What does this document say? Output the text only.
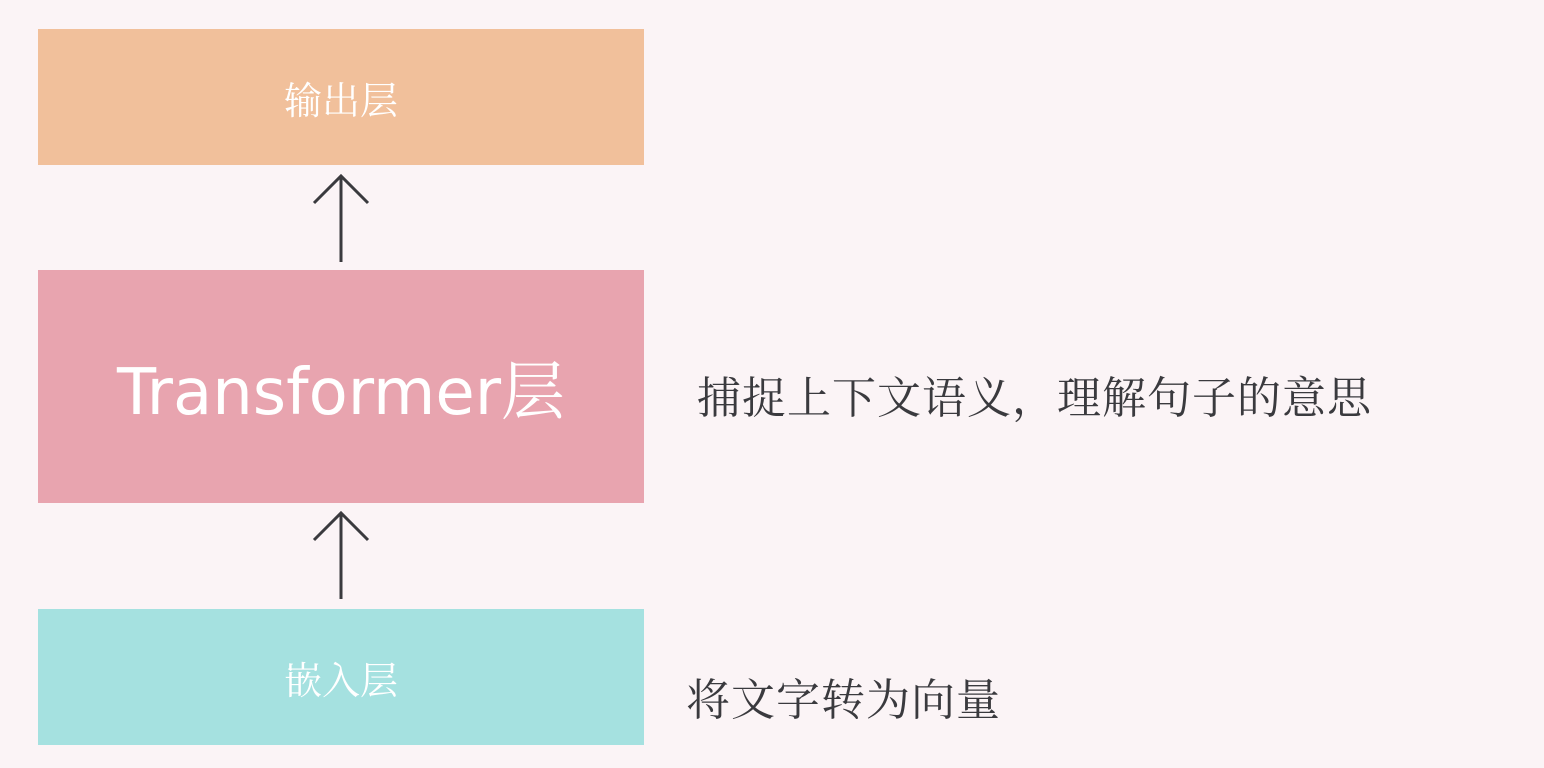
输出层
Transformer层
嵌入层
捕捉上下文语义，理解句子的意思
将文字转为向量
